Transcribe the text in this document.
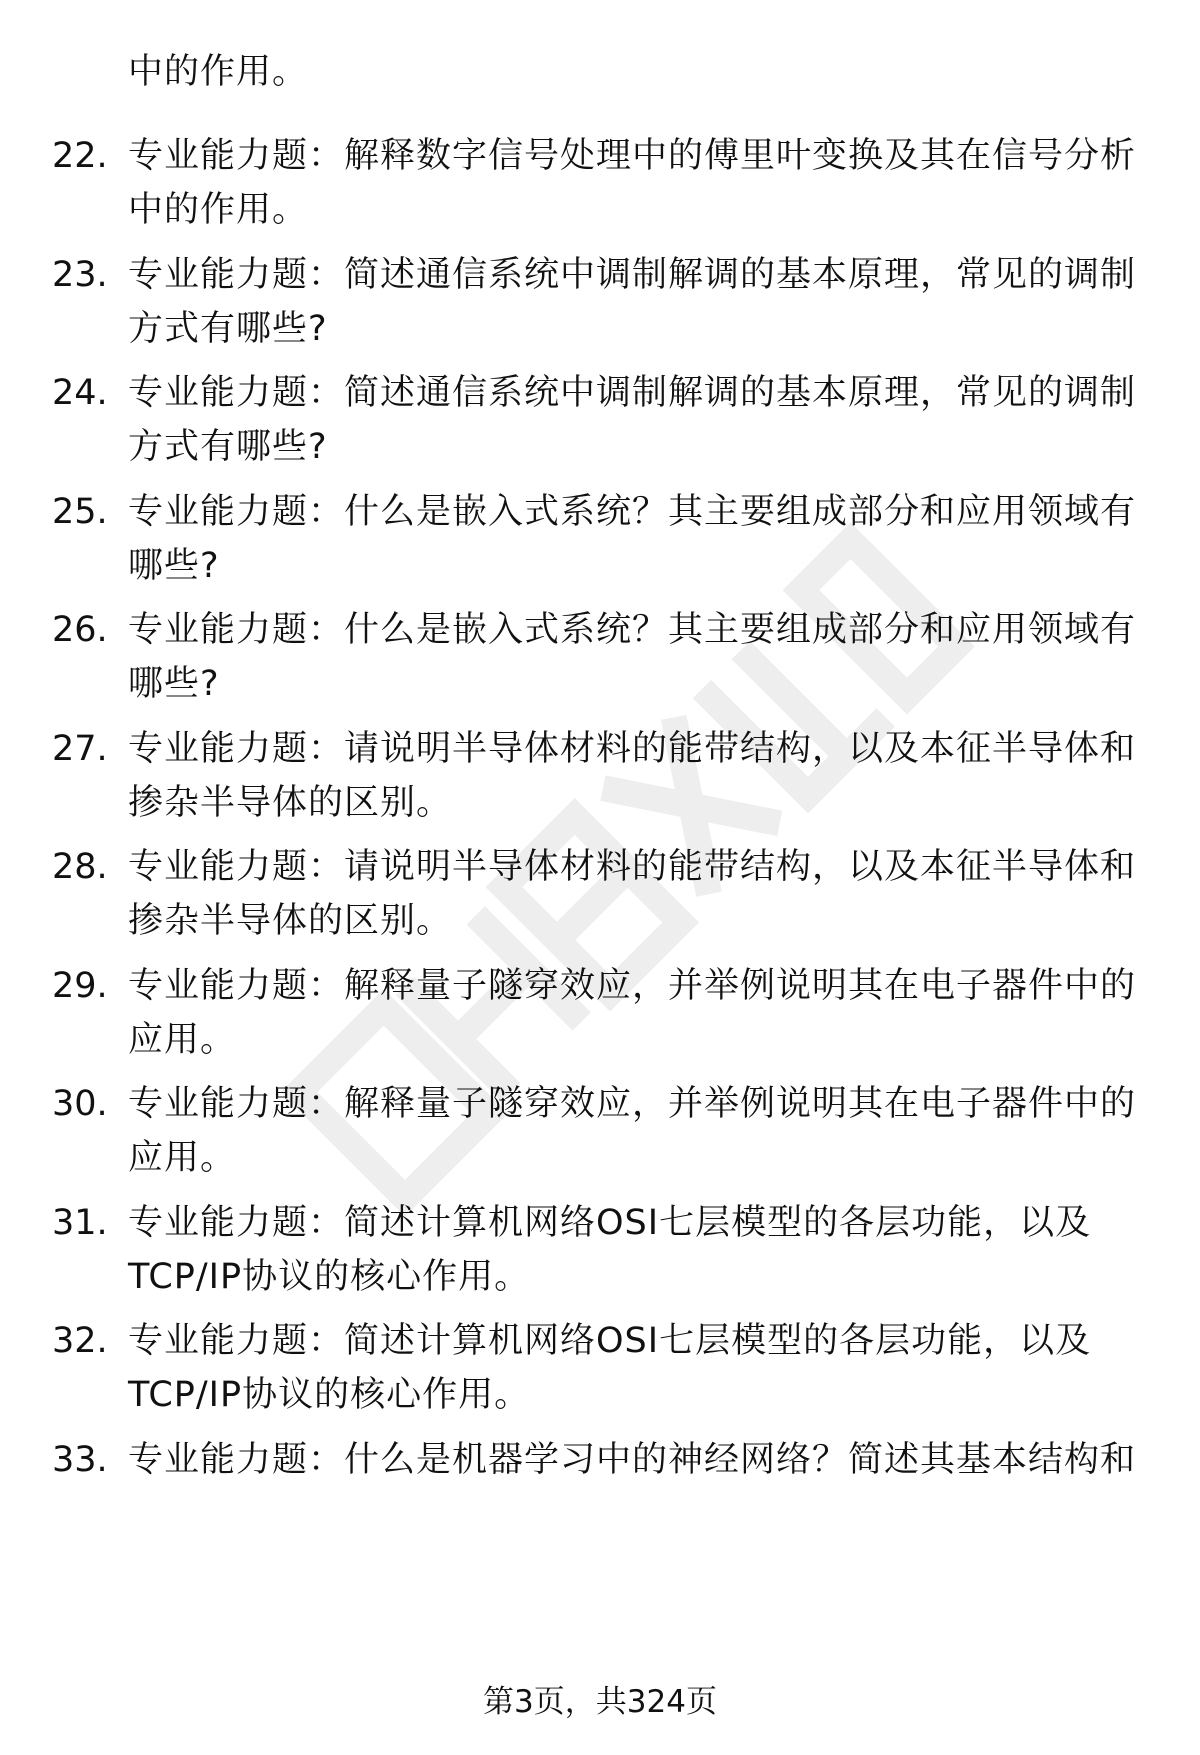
中的作用。
22. 专业能力题：解释数字信号处理中的傅里叶变换及其在信号分析
中的作用。
23. 专业能力题：简述通信系统中调制解调的基本原理，常见的调制
方式有哪些?
24. 专业能力题：简述通信系统中调制解调的基本原理，常见的调制
方式有哪些?
25. 专业能力题：什么是嵌入式系统？其主要组成部分和应用领域有
哪些?
26. 专业能力题：什么是嵌入式系统？其主要组成部分和应用领域有
哪些?
27. 专业能力题：请说明半导体材料的能带结构，以及本征半导体和
掺杂半导体的区别。
28. 专业能力题：请说明半导体材料的能带结构，以及本征半导体和
掺杂半导体的区别。
29. 专业能力题：解释量子隧穿效应，并举例说明其在电子器件中的
应用。
30. 专业能力题：解释量子隧穿效应，并举例说明其在电子器件中的
应用。
31. 专业能力题：简述计算机网络OSI七层模型的各层功能，以及
TCP/IP协议的核心作用。
32. 专业能力题：简述计算机网络OSI七层模型的各层功能，以及
TCP/IP协议的核心作用。
33. 专业能力题：什么是机器学习中的神经网络？简述其基本结构和
第3页，共324页
